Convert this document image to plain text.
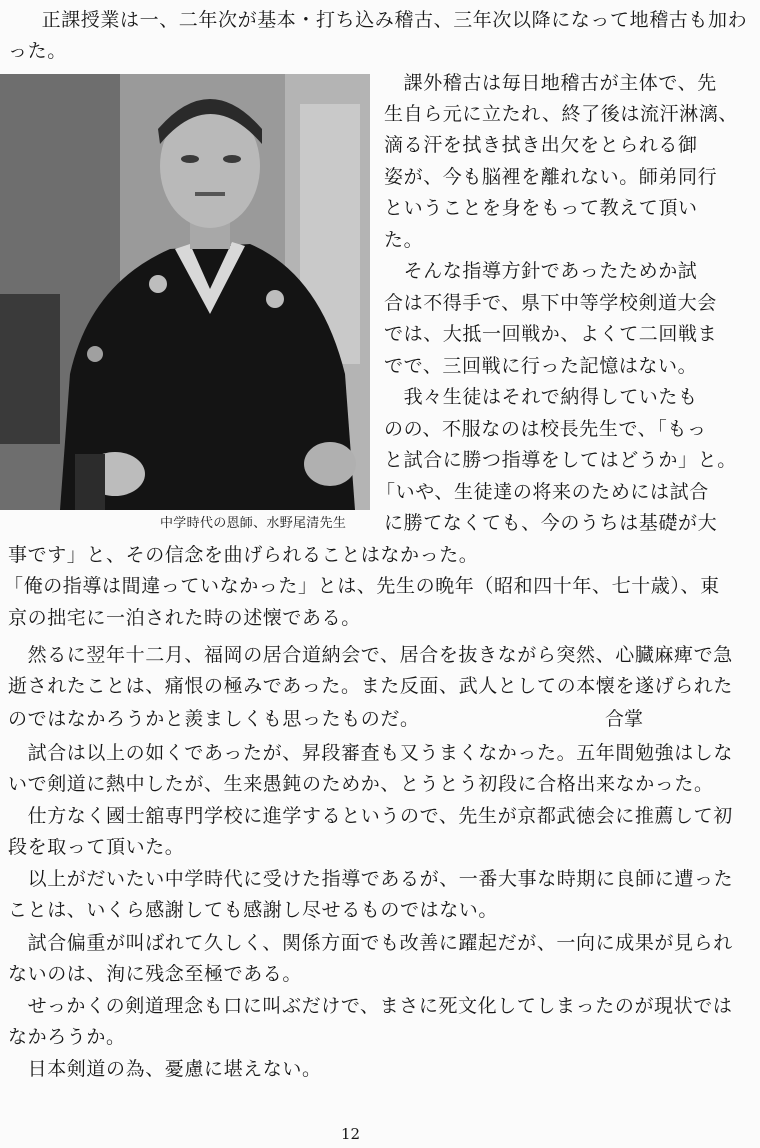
　正課授業は一、二年次が基本・打ち込み稽古、三年次以降になって地稽古も加わ
った。
　課外稽古は毎日地稽古が主体で、先
生自ら元に立たれ、終了後は流汗淋漓、
滴る汗を拭き拭き出欠をとられる御
姿が、今も脳裡を離れない。師弟同行
ということを身をもって教えて頂い
た。
　そんな指導方針であったためか試
合は不得手で、県下中等学校剣道大会
では、大抵一回戦か、よくて二回戦ま
でで、三回戦に行った記憶はない。
　我々生徒はそれで納得していたも
のの、不服なのは校長先生で、「もっ
と試合に勝つ指導をしてはどうか」と。
「いや、生徒達の将来のためには試合
中学時代の恩師、水野尾清先生 に勝てなくても、今のうちは基礎が大
事です」と、その信念を曲げられることはなかった。
「俺の指導は間違っていなかった」とは、先生の晩年（昭和四十年、七十歳）、東
京の拙宅に一泊された時の述懐である。
　然るに翌年十二月、福岡の居合道納会で、居合を抜きながら突然、心臓麻痺で急
逝されたことは、痛恨の極みであった。また反面、武人としての本懐を遂げられた
のではなかろうかと羨ましくも思ったものだ。	合掌
　試合は以上の如くであったが、昇段審査も又うまくなかった。五年間勉強はしな
いで剣道に熱中したが、生来愚鈍のためか、とうとう初段に合格出来なかった。
　仕方なく國士舘専門学校に進学するというので、先生が京都武徳会に推薦して初
段を取って頂いた。
　以上がだいたい中学時代に受けた指導であるが、一番大事な時期に良師に遭った
ことは、いくら感謝しても感謝し尽せるものではない。
　試合偏重が叫ばれて久しく、関係方面でも改善に躍起だが、一向に成果が見られ
ないのは、洵に残念至極である。
　せっかくの剣道理念も口に叫ぶだけで、まさに死文化してしまったのが現状では
なかろうか。
　日本剣道の為、憂慮に堪えない。
12
